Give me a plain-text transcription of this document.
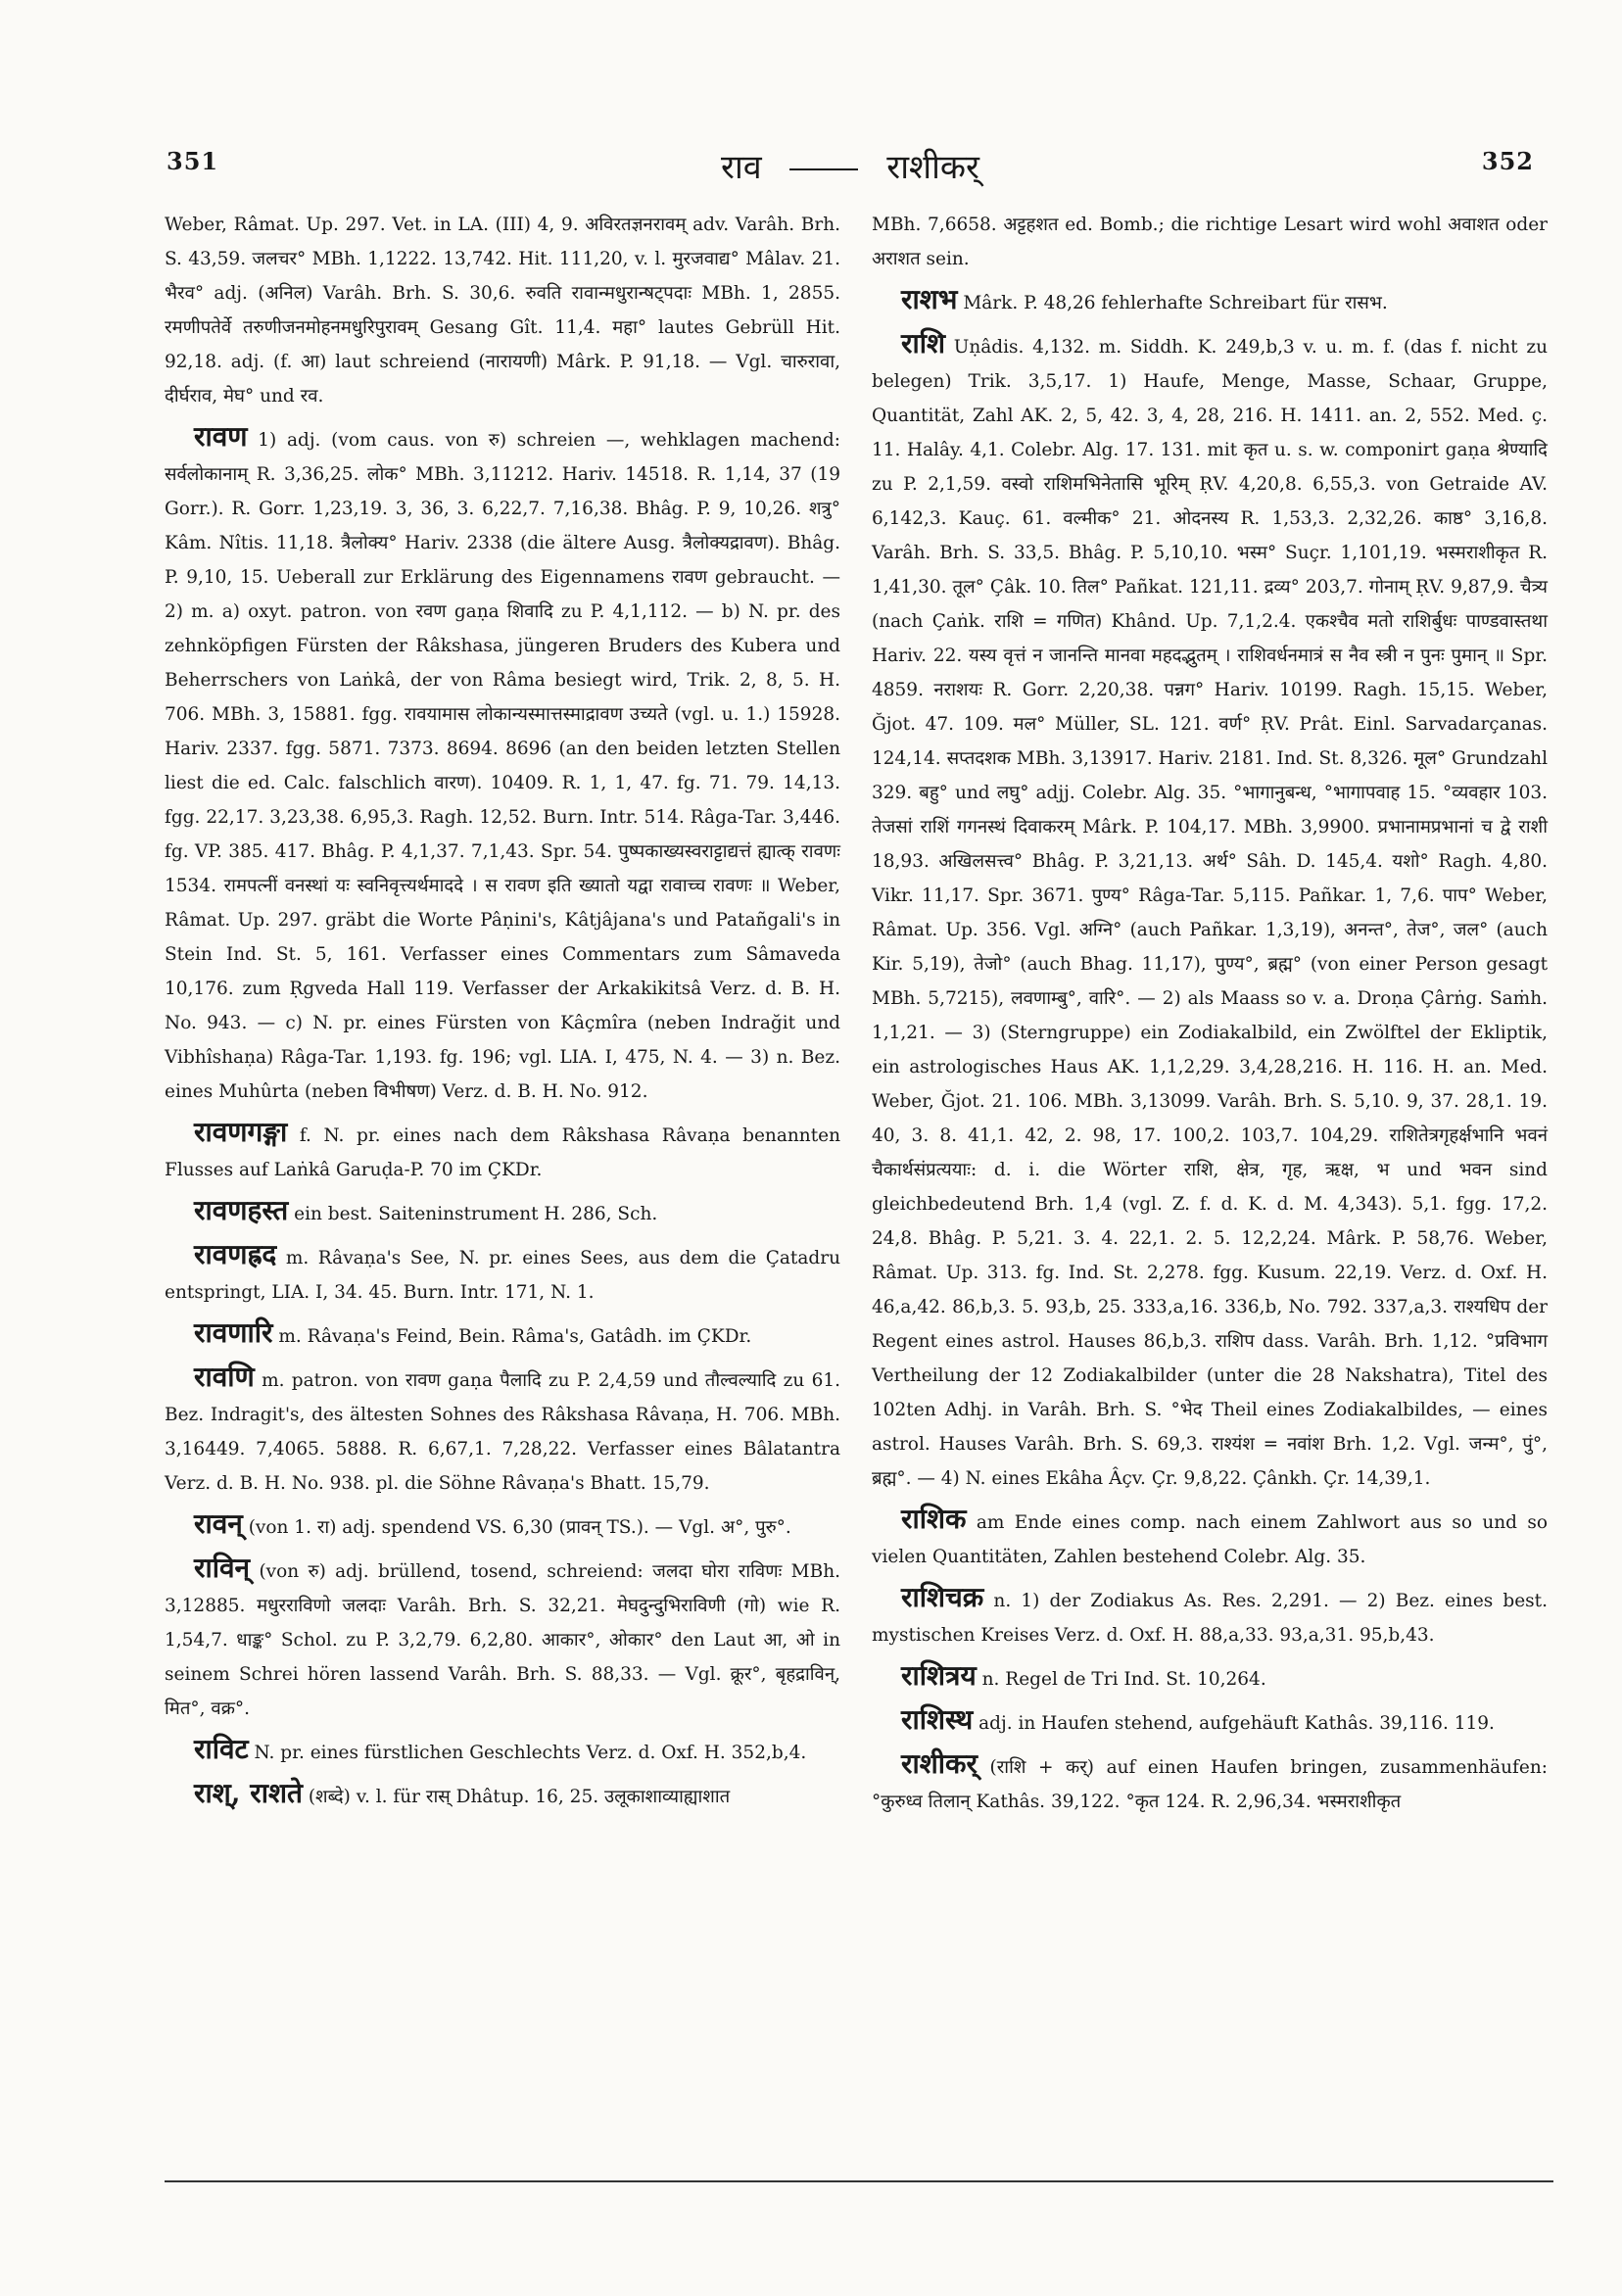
351	राव	राशीकर्	352

Weber, Râmat. Up. 297. Vet. in LA. (III) 4, 9. अविरतज्ञनरावम् adv. Varâh. Brh. S. 43,59. जलचर° MBh. 1,1222. 13,742. Hit. 111,20, v. l. मुरजवाद्य° Mâlav. 21. भैरव° adj. (अनिल) Varâh. Brh. S. 30,6. रुवति रावान्मधुरान्षट्पदाः MBh. 1, 2855. रमणीपतेर्वे तरुणीजनमोहनमधुरिपुरावम् Gesang Gît. 11,4. महा° lautes Gebrüll Hit. 92,18. adj. (f. आ) laut schreiend (नारायणी) Mârk. P. 91,18. — Vgl. चारुरावा, दीर्घराव, मेघ° und रव.

रावण 1) adj. (vom caus. von रु) schreien —, wehklagen machend: सर्वलोकानाम् R. 3,36,25. लोक° MBh. 3,11212. Hariv. 14518. R. 1,14, 37 (19 Gorr.). R. Gorr. 1,23,19. 3, 36, 3. 6,22,7. 7,16,38. Bhâg. P. 9, 10,26. शत्रु° Kâm. Nîtis. 11,18. त्रैलोक्य° Hariv. 2338 (die ältere Ausg. त्रैलोक्यद्रावण). Bhâg. P. 9,10, 15. Ueberall zur Erklärung des Eigennamens रावण gebraucht. — 2) m. a) oxyt. patron. von रवण gaṇa शिवादि zu P. 4,1,112. — b) N. pr. des zehnköpfigen Fürsten der Râkshasa, jüngeren Bruders des Kubera und Beherrschers von Laṅkâ, der von Râma besiegt wird, Trik. 2, 8, 5. H. 706. MBh. 3, 15881. fgg. रावयामास लोकान्यस्मात्तस्माद्रावण उच्यते (vgl. u. 1.) 15928. Hariv. 2337. fgg. 5871. 7373. 8694. 8696 (an den beiden letzten Stellen liest die ed. Calc. falschlich वारण). 10409. R. 1, 1, 47. fg. 71. 79. 14,13. fgg. 22,17. 3,23,38. 6,95,3. Ragh. 12,52. Burn. Intr. 514. Râga-Tar. 3,446. fg. VP. 385. 417. Bhâg. P. 4,1,37. 7,1,43. Spr. 54. पुष्पकाख्यस्वराट्टाद्यत्तं ह्यात्क् रावणः 1534. रामपत्नीं वनस्थां यः स्वनिवृत्त्यर्थमाददे । स रावण इति ख्यातो यद्वा रावाच्च रावणः ॥ Weber, Râmat. Up. 297. gräbt die Worte Pâṇini's, Kâtjâjana's und Patañgali's in Stein Ind. St. 5, 161. Verfasser eines Commentars zum Sâmaveda 10,176. zum Ṛgveda Hall 119. Verfasser der Arkakikitsâ Verz. d. B. H. No. 943. — c) N. pr. eines Fürsten von Kâçmîra (neben Indrağit und Vibhîshaṇa) Râga-Tar. 1,193. fg. 196; vgl. LIA. I, 475, N. 4. — 3) n. Bez. eines Muhûrta (neben विभीषण) Verz. d. B. H. No. 912.

रावणगङ्गा f. N. pr. eines nach dem Râkshasa Râvaṇa benannten Flusses auf Laṅkâ Garuḍa-P. 70 im ÇKDr.

रावणहस्त ein best. Saiteninstrument H. 286, Sch.

रावणह्रद m. Râvaṇa's See, N. pr. eines Sees, aus dem die Çatadru entspringt, LIA. I, 34. 45. Burn. Intr. 171, N. 1.

रावणारि m. Râvaṇa's Feind, Bein. Râma's, Gatâdh. im ÇKDr.

रावणि m. patron. von रावण gaṇa पैलादि zu P. 2,4,59 und तौल्वल्यादि zu 61. Bez. Indragit's, des ältesten Sohnes des Râkshasa Râvaṇa, H. 706. MBh. 3,16449. 7,4065. 5888. R. 6,67,1. 7,28,22. Verfasser eines Bâlatantra Verz. d. B. H. No. 938. pl. die Söhne Râvaṇa's Bhatt. 15,79.

रावन् (von 1. रा) adj. spendend VS. 6,30 (प्रावन् TS.). — Vgl. अ°, पुरु°.

राविन् (von रु) adj. brüllend, tosend, schreiend: जलदा घोरा राविणः MBh. 3,12885. मधुरराविणो जलदाः Varâh. Brh. S. 32,21. मेघदुन्दुभिराविणी (गो) wie R. 1,54,7. धाङ्क° Schol. zu P. 3,2,79. 6,2,80. आकार°, ओकार° den Laut आ, ओ in seinem Schrei hören lassend Varâh. Brh. S. 88,33. — Vgl. क्रूर°, बृहद्राविन्, मित°, वक्र°.

राविट N. pr. eines fürstlichen Geschlechts Verz. d. Oxf. H. 352,b,4.

राश्, राशते (शब्दे) v. l. für रास् Dhâtup. 16, 25. उलूकाशाव्याह्याशात

MBh. 7,6658. अट्टहशत ed. Bomb.; die richtige Lesart wird wohl अवाशत oder अराशत sein.

राशभ Mârk. P. 48,26 fehlerhafte Schreibart für रासभ.

राशि Uṇâdis. 4,132. m. Siddh. K. 249,b,3 v. u. m. f. (das f. nicht zu belegen) Trik. 3,5,17. 1) Haufe, Menge, Masse, Schaar, Gruppe, Quantität, Zahl AK. 2, 5, 42. 3, 4, 28, 216. H. 1411. an. 2, 552. Med. ç. 11. Halây. 4,1. Colebr. Alg. 17. 131. mit कृत u. s. w. componirt gaṇa श्रेण्यादि zu P. 2,1,59. वस्वो राशिमभिनेतासि भूरिम् ṚV. 4,20,8. 6,55,3. von Getraide AV. 6,142,3. Kauç. 61. वल्मीक° 21. ओदनस्य R. 1,53,3. 2,32,26. काष्ठ° 3,16,8. Varâh. Brh. S. 33,5. Bhâg. P. 5,10,10. भस्म° Suçr. 1,101,19. भस्मराशीकृत R. 1,41,30. तूल° Çâk. 10. तिल° Pañkat. 121,11. द्रव्य° 203,7. गोनाम् ṚV. 9,87,9. चैत्र्य (nach Çaṅk. राशि = गणित) Khând. Up. 7,1,2.4. एकश्चैव मतो राशिर्बुधः पाण्डवास्तथा Hariv. 22. यस्य वृत्तं न जानन्ति मानवा महदद्भुतम् । राशिवर्धनमात्रं स नैव स्त्री न पुनः पुमान् ॥ Spr. 4859. नराशयः R. Gorr. 2,20,38. पन्नग° Hariv. 10199. Ragh. 15,15. Weber, Ğjot. 47. 109. मल° Müller, SL. 121. वर्ण° ṚV. Prât. Einl. Sarvadarçanas. 124,14. सप्तदशक MBh. 3,13917. Hariv. 2181. Ind. St. 8,326. मूल° Grundzahl 329. बहु° und लघु° adjj. Colebr. Alg. 35. °भागानुबन्ध, °भागापवाह 15. °व्यवहार 103. तेजसां राशिं गगनस्थं दिवाकरम् Mârk. P. 104,17. MBh. 3,9900. प्रभानामप्रभानां च द्वे राशी 18,93. अखिलसत्त्व° Bhâg. P. 3,21,13. अर्थ° Sâh. D. 145,4. यशो° Ragh. 4,80. Vikr. 11,17. Spr. 3671. पुण्य° Râga-Tar. 5,115. Pañkar. 1, 7,6. पाप° Weber, Râmat. Up. 356. Vgl. अग्नि° (auch Pañkar. 1,3,19), अनन्त°, तेज°, जल° (auch Kir. 5,19), तेजो° (auch Bhag. 11,17), पुण्य°, ब्रह्म° (von einer Person gesagt MBh. 5,7215), लवणाम्बु°, वारि°. — 2) als Maass so v. a. Droṇa Çârṅg. Saṁh. 1,1,21. — 3) (Sterngruppe) ein Zodiakalbild, ein Zwölftel der Ekliptik, ein astrologisches Haus AK. 1,1,2,29. 3,4,28,216. H. 116. H. an. Med. Weber, Ğjot. 21. 106. MBh. 3,13099. Varâh. Brh. S. 5,10. 9, 37. 28,1. 19. 40, 3. 8. 41,1. 42, 2. 98, 17. 100,2. 103,7. 104,29. राशितेत्रगृहर्क्षभानि भवनं चैकार्थसंप्रत्ययाः: d. i. die Wörter राशि, क्षेत्र, गृह, ऋक्ष, भ und भवन sind gleichbedeutend Brh. 1,4 (vgl. Z. f. d. K. d. M. 4,343). 5,1. fgg. 17,2. 24,8. Bhâg. P. 5,21. 3. 4. 22,1. 2. 5. 12,2,24. Mârk. P. 58,76. Weber, Râmat. Up. 313. fg. Ind. St. 2,278. fgg. Kusum. 22,19. Verz. d. Oxf. H. 46,a,42. 86,b,3. 5. 93,b, 25. 333,a,16. 336,b, No. 792. 337,a,3. राश्यधिप der Regent eines astrol. Hauses 86,b,3. राशिप dass. Varâh. Brh. 1,12. °प्रविभाग Vertheilung der 12 Zodiakalbilder (unter die 28 Nakshatra), Titel des 102ten Adhj. in Varâh. Brh. S. °भेद Theil eines Zodiakalbildes, — eines astrol. Hauses Varâh. Brh. S. 69,3. राश्यंश = नवांश Brh. 1,2. Vgl. जन्म°, पुं°, ब्रह्म°. — 4) N. eines Ekâha Âçv. Çr. 9,8,22. Çânkh. Çr. 14,39,1.

राशिक am Ende eines comp. nach einem Zahlwort aus so und so vielen Quantitäten, Zahlen bestehend Colebr. Alg. 35.

राशिचक्र n. 1) der Zodiakus As. Res. 2,291. — 2) Bez. eines best. mystischen Kreises Verz. d. Oxf. H. 88,a,33. 93,a,31. 95,b,43.

राशित्रय n. Regel de Tri Ind. St. 10,264.

राशिस्थ adj. in Haufen stehend, aufgehäuft Kathâs. 39,116. 119.

राशीकर् (राशि + कर्) auf einen Haufen bringen, zusammenhäufen: °कुरुध्व तिलान् Kathâs. 39,122. °कृत 124. R. 2,96,34. भस्मराशीकृत
